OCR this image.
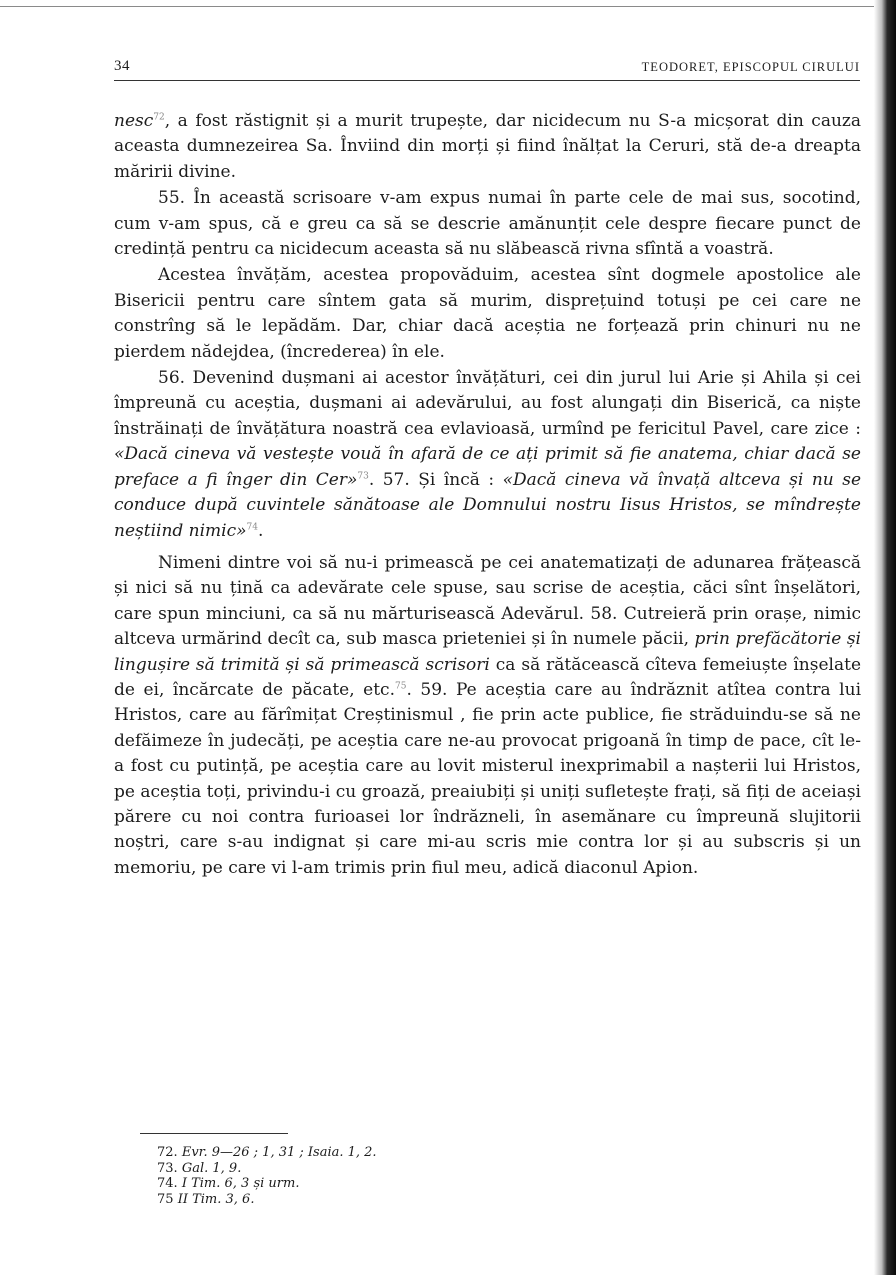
34	TEODORET, EPISCOPUL CIRULUI

nesc$^{72}$, a fost răstignit și a murit trupește, dar nicidecum nu S-a micșorat din cauza aceasta dumnezeirea Sa. Înviind din morți și fiind înălțat la Ceruri, stă de-a dreapta măririi divine.

55. În această scrisoare v-am expus numai în parte cele de mai sus, socotind, cum v-am spus, că e greu ca să se descrie amănunțit cele despre fiecare punct de credință pentru ca nicidecum aceasta să nu slăbească rivna sfîntă a voastră.

Acestea învățăm, acestea propovăduim, acestea sînt dogmele apostolice ale Bisericii pentru care sîntem gata să murim, disprețuind totuși pe cei care ne constrîng să le lepădăm. Dar, chiar dacă aceștia ne forțează prin chinuri nu ne pierdem nădejdea, (încrederea) în ele.

56. Devenind dușmani ai acestor învățături, cei din jurul lui Arie și Ahila și cei împreună cu aceștia, dușmani ai adevărului, au fost alungați din Biserică, ca niște înstrăinați de învățătura noastră cea evlavioasă, urmînd pe fericitul Pavel, care zice : «Dacă cineva vă vestește vouă în afară de ce ați primit să fie anatema, chiar dacă se preface a fi înger din Cer»$^{73}$. 57. Și încă : «Dacă cineva vă învață altceva și nu se conduce după cuvintele sănătoase ale Domnului nostru Iisus Hristos, se mîndrește neștiind nimic»$^{74}$.

Nimeni dintre voi să nu-i primească pe cei anatematizați de adunarea frățească și nici să nu țină ca adevărate cele spuse, sau scrise de aceștia, căci sînt înșelători, care spun minciuni, ca să nu mărturisească Adevărul. 58. Cutreieră prin orașe, nimic altceva urmărind decît ca, sub masca prieteniei și în numele păcii, prin prefăcătorie și lingușire să trimită și să primească scrisori ca să rătăcească cîteva femeiuște înșelate de ei, încărcate de păcate, etc.$^{75}$. 59. Pe aceștia care au îndrăznit atîtea contra lui Hristos, care au fărîmițat Creștinismul , fie prin acte publice, fie străduindu-se să ne defăimeze în judecăți, pe aceștia care ne-au provocat prigoană în timp de pace, cît le-a fost cu putință, pe aceștia care au lovit misterul inexprimabil a nașterii lui Hristos, pe aceștia toți, privindu-i cu groază, preaiubiți și uniți sufletește frați, să fiți de aceiași părere cu noi contra furioasei lor îndrăzneli, în asemănare cu împreună slujitorii noștri, care s-au indignat și care mi-au scris mie contra lor și au subscris și un memoriu, pe care vi l-am trimis prin fiul meu, adică diaconul Apion.

72. Evr. 9—26 ; 1, 31 ; Isaia. 1, 2.
73. Gal. 1, 9.
74. I Tim. 6, 3 și urm.
75 II Tim. 3, 6.
